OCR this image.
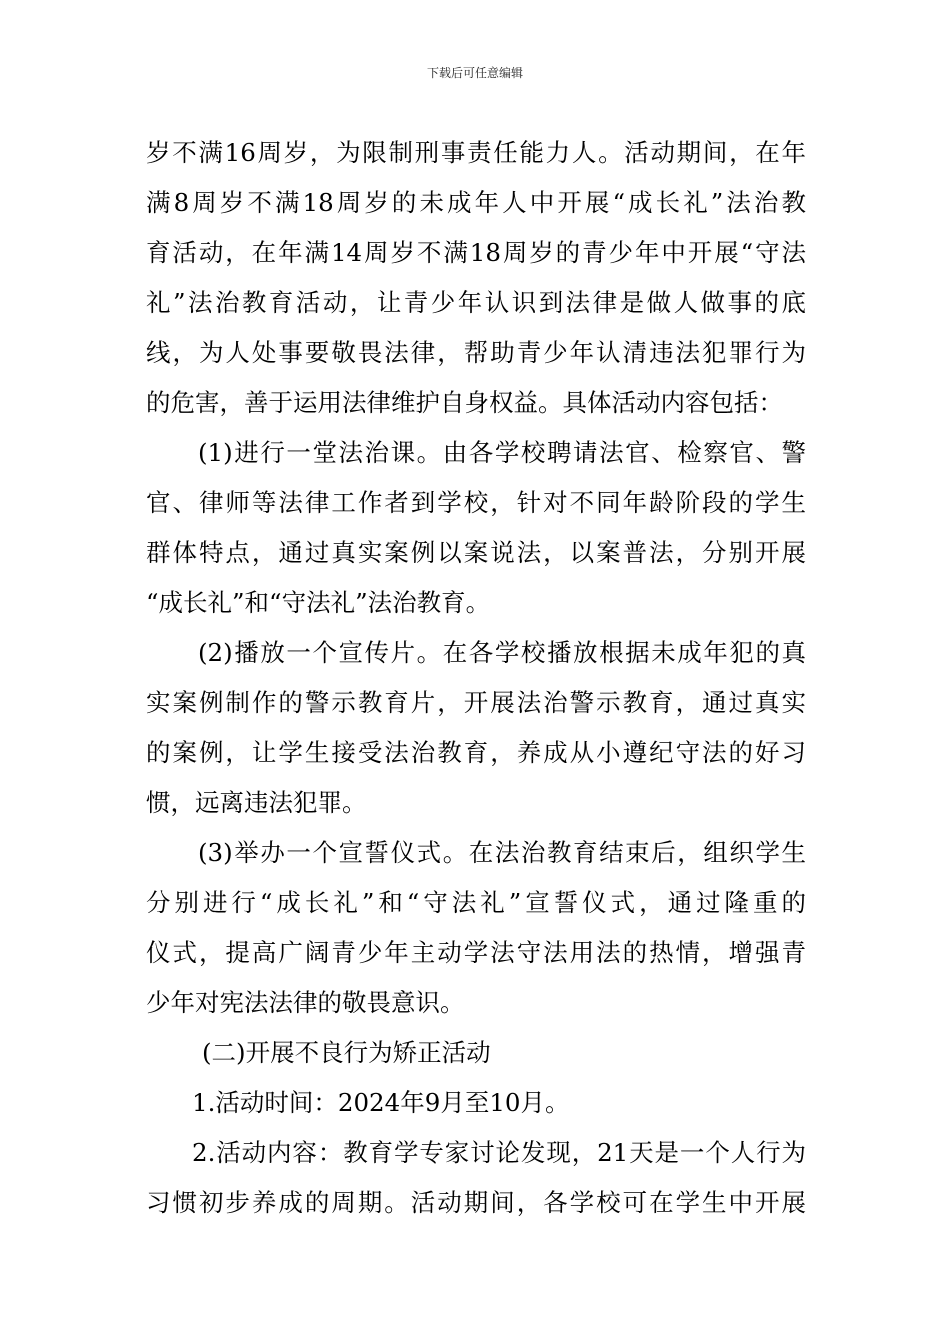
下载后可任意编辑
岁不满16周岁，为限制刑事责任能力人。活动期间，在年
满8周岁不满18周岁的未成年人中开展“成长礼”法治教
育活动，在年满14周岁不满18周岁的青少年中开展“守法
礼”法治教育活动，让青少年认识到法律是做人做事的底
线，为人处事要敬畏法律，帮助青少年认清违法犯罪行为
的危害，善于运用法律维护自身权益。具体活动内容包括：
(1)进行一堂法治课。由各学校聘请法官、检察官、警
官、律师等法律工作者到学校，针对不同年龄阶段的学生
群体特点，通过真实案例以案说法，以案普法，分别开展
“成长礼”和“守法礼”法治教育。
(2)播放一个宣传片。在各学校播放根据未成年犯的真
实案例制作的警示教育片，开展法治警示教育，通过真实
的案例，让学生接受法治教育，养成从小遵纪守法的好习
惯，远离违法犯罪。
(3)举办一个宣誓仪式。在法治教育结束后，组织学生
分别进行“成长礼”和“守法礼”宣誓仪式，通过隆重的
仪式，提高广阔青少年主动学法守法用法的热情，增强青
少年对宪法法律的敬畏意识。
(二)开展不良行为矫正活动
1.活动时间：2024年9月至10月。
2.活动内容：教育学专家讨论发现，21天是一个人行为
习惯初步养成的周期。活动期间，各学校可在学生中开展
